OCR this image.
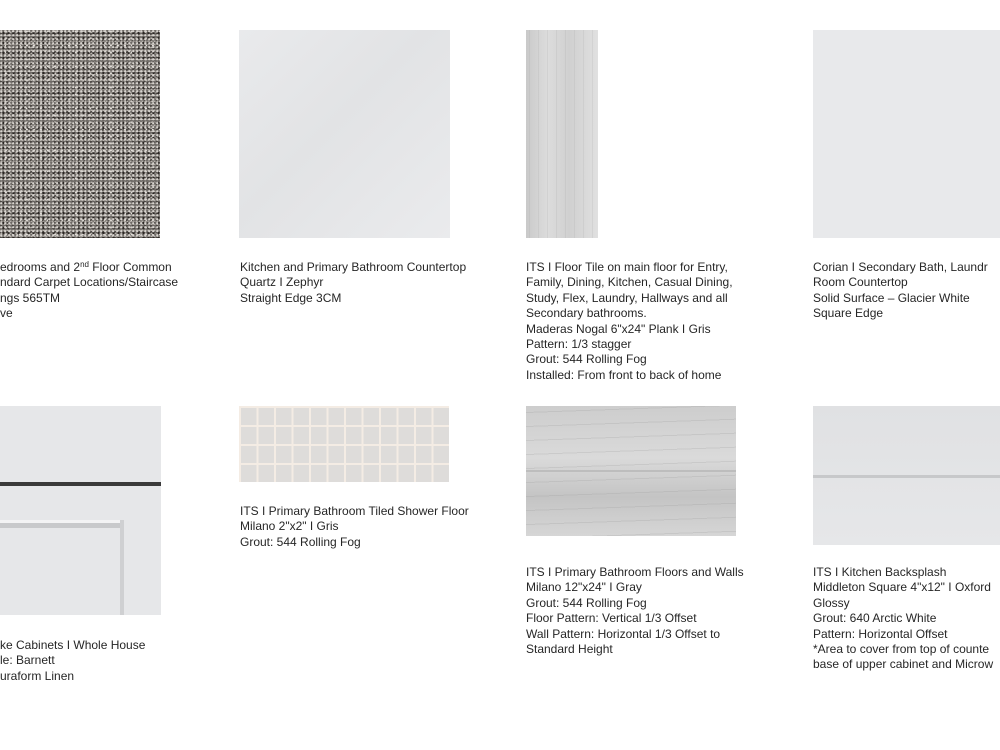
edrooms and 2nd Floor Common
ndard Carpet Locations/Staircase
ngs 565TM
ve
Kitchen and Primary Bathroom Countertop
Quartz I Zephyr
Straight Edge 3CM
ITS I Floor Tile on main floor for Entry,
Family, Dining, Kitchen, Casual Dining,
Study, Flex, Laundry, Hallways and all
Secondary bathrooms.
Maderas Nogal 6"x24" Plank I Gris
Pattern: 1/3 stagger
Grout: 544 Rolling Fog
Installed: From front to back of home
Corian I Secondary Bath, Laundr
Room Countertop
Solid Surface – Glacier White
Square Edge
ke Cabinets I Whole House
le: Barnett
uraform Linen
ITS I Primary Bathroom Tiled Shower Floor
Milano 2"x2" I Gris
Grout: 544 Rolling Fog
ITS I Primary Bathroom Floors and Walls
Milano 12"x24" I Gray
Grout: 544 Rolling Fog
Floor Pattern: Vertical 1/3 Offset
Wall Pattern: Horizontal 1/3 Offset to
Standard Height
ITS I Kitchen Backsplash
Middleton Square 4"x12" I Oxford
Glossy
Grout: 640 Arctic White
Pattern: Horizontal Offset
*Area to cover from top of counte
base of upper cabinet and Microw
